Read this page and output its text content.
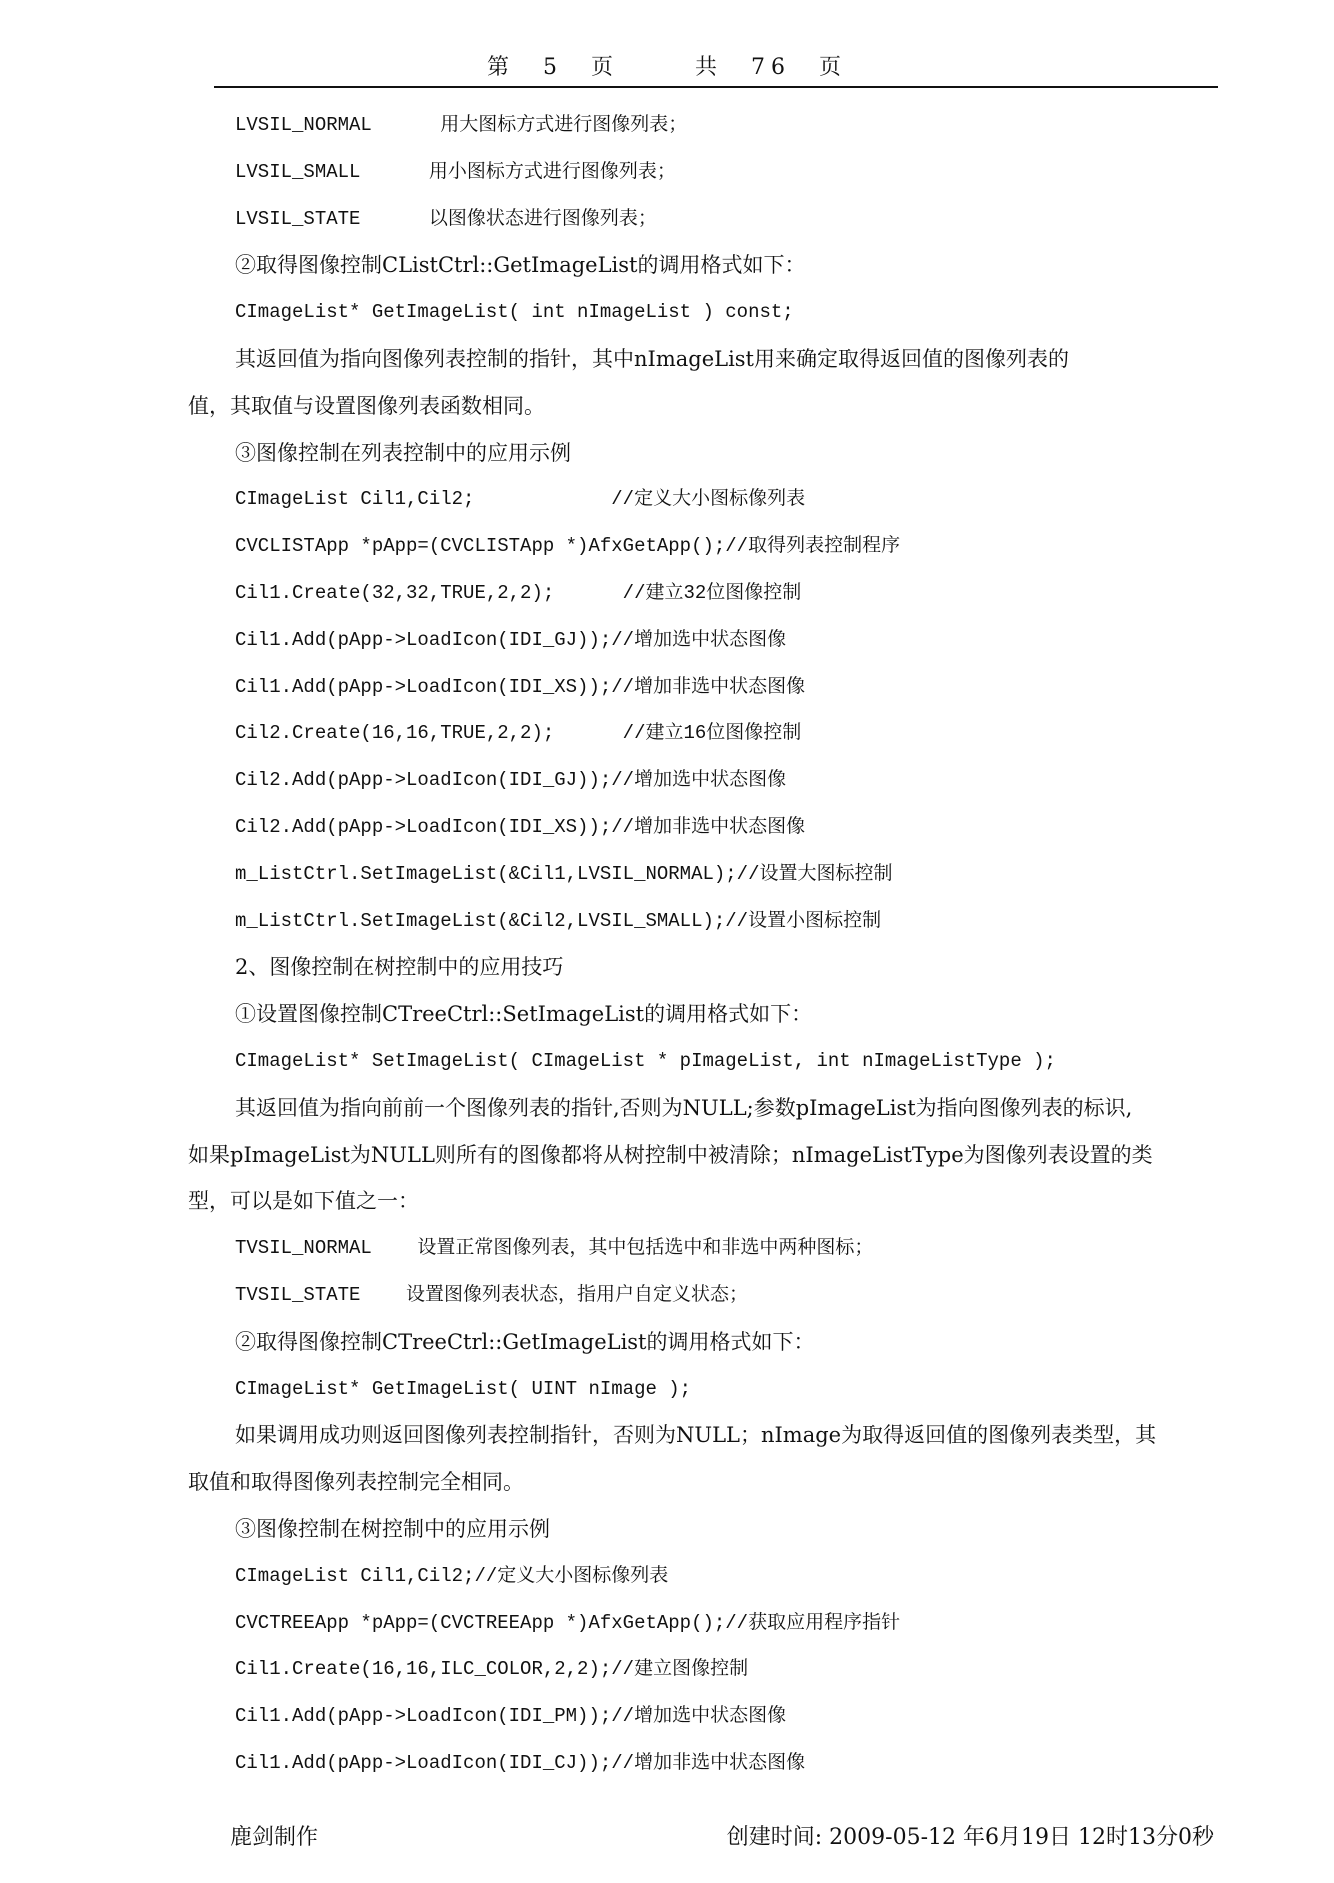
第 5 页	共 76 页
LVSIL_NORMAL      用大图标方式进行图像列表；
LVSIL_SMALL      用小图标方式进行图像列表；
LVSIL_STATE      以图像状态进行图像列表；
②取得图像控制CListCtrl::GetImageList的调用格式如下：
CImageList* GetImageList( int nImageList ) const;
其返回值为指向图像列表控制的指针，其中nImageList用来确定取得返回值的图像列表的
值，其取值与设置图像列表函数相同。
③图像控制在列表控制中的应用示例
CImageList Cil1,Cil2;            //定义大小图标像列表
CVCLISTApp *pApp=(CVCLISTApp *)AfxGetApp();//取得列表控制程序
Cil1.Create(32,32,TRUE,2,2);      //建立32位图像控制
Cil1.Add(pApp->LoadIcon(IDI_GJ));//增加选中状态图像
Cil1.Add(pApp->LoadIcon(IDI_XS));//增加非选中状态图像
Cil2.Create(16,16,TRUE,2,2);      //建立16位图像控制
Cil2.Add(pApp->LoadIcon(IDI_GJ));//增加选中状态图像
Cil2.Add(pApp->LoadIcon(IDI_XS));//增加非选中状态图像
m_ListCtrl.SetImageList(&Cil1,LVSIL_NORMAL);//设置大图标控制
m_ListCtrl.SetImageList(&Cil2,LVSIL_SMALL);//设置小图标控制
2、图像控制在树控制中的应用技巧
①设置图像控制CTreeCtrl::SetImageList的调用格式如下：
CImageList* SetImageList( CImageList * pImageList, int nImageListType );
其返回值为指向前前一个图像列表的指针,否则为NULL;参数pImageList为指向图像列表的标识,
如果pImageList为NULL则所有的图像都将从树控制中被清除；nImageListType为图像列表设置的类
型，可以是如下值之一：
TVSIL_NORMAL    设置正常图像列表，其中包括选中和非选中两种图标；
TVSIL_STATE    设置图像列表状态，指用户自定义状态；
②取得图像控制CTreeCtrl::GetImageList的调用格式如下：
CImageList* GetImageList( UINT nImage );
如果调用成功则返回图像列表控制指针，否则为NULL；nImage为取得返回值的图像列表类型，其
取值和取得图像列表控制完全相同。
③图像控制在树控制中的应用示例
CImageList Cil1,Cil2;//定义大小图标像列表
CVCTREEApp *pApp=(CVCTREEApp *)AfxGetApp();//获取应用程序指针
Cil1.Create(16,16,ILC_COLOR,2,2);//建立图像控制
Cil1.Add(pApp->LoadIcon(IDI_PM));//增加选中状态图像
Cil1.Add(pApp->LoadIcon(IDI_CJ));//增加非选中状态图像
鹿剑制作	创建时间: 2009-05-12 年6月19日 12时13分0秒
